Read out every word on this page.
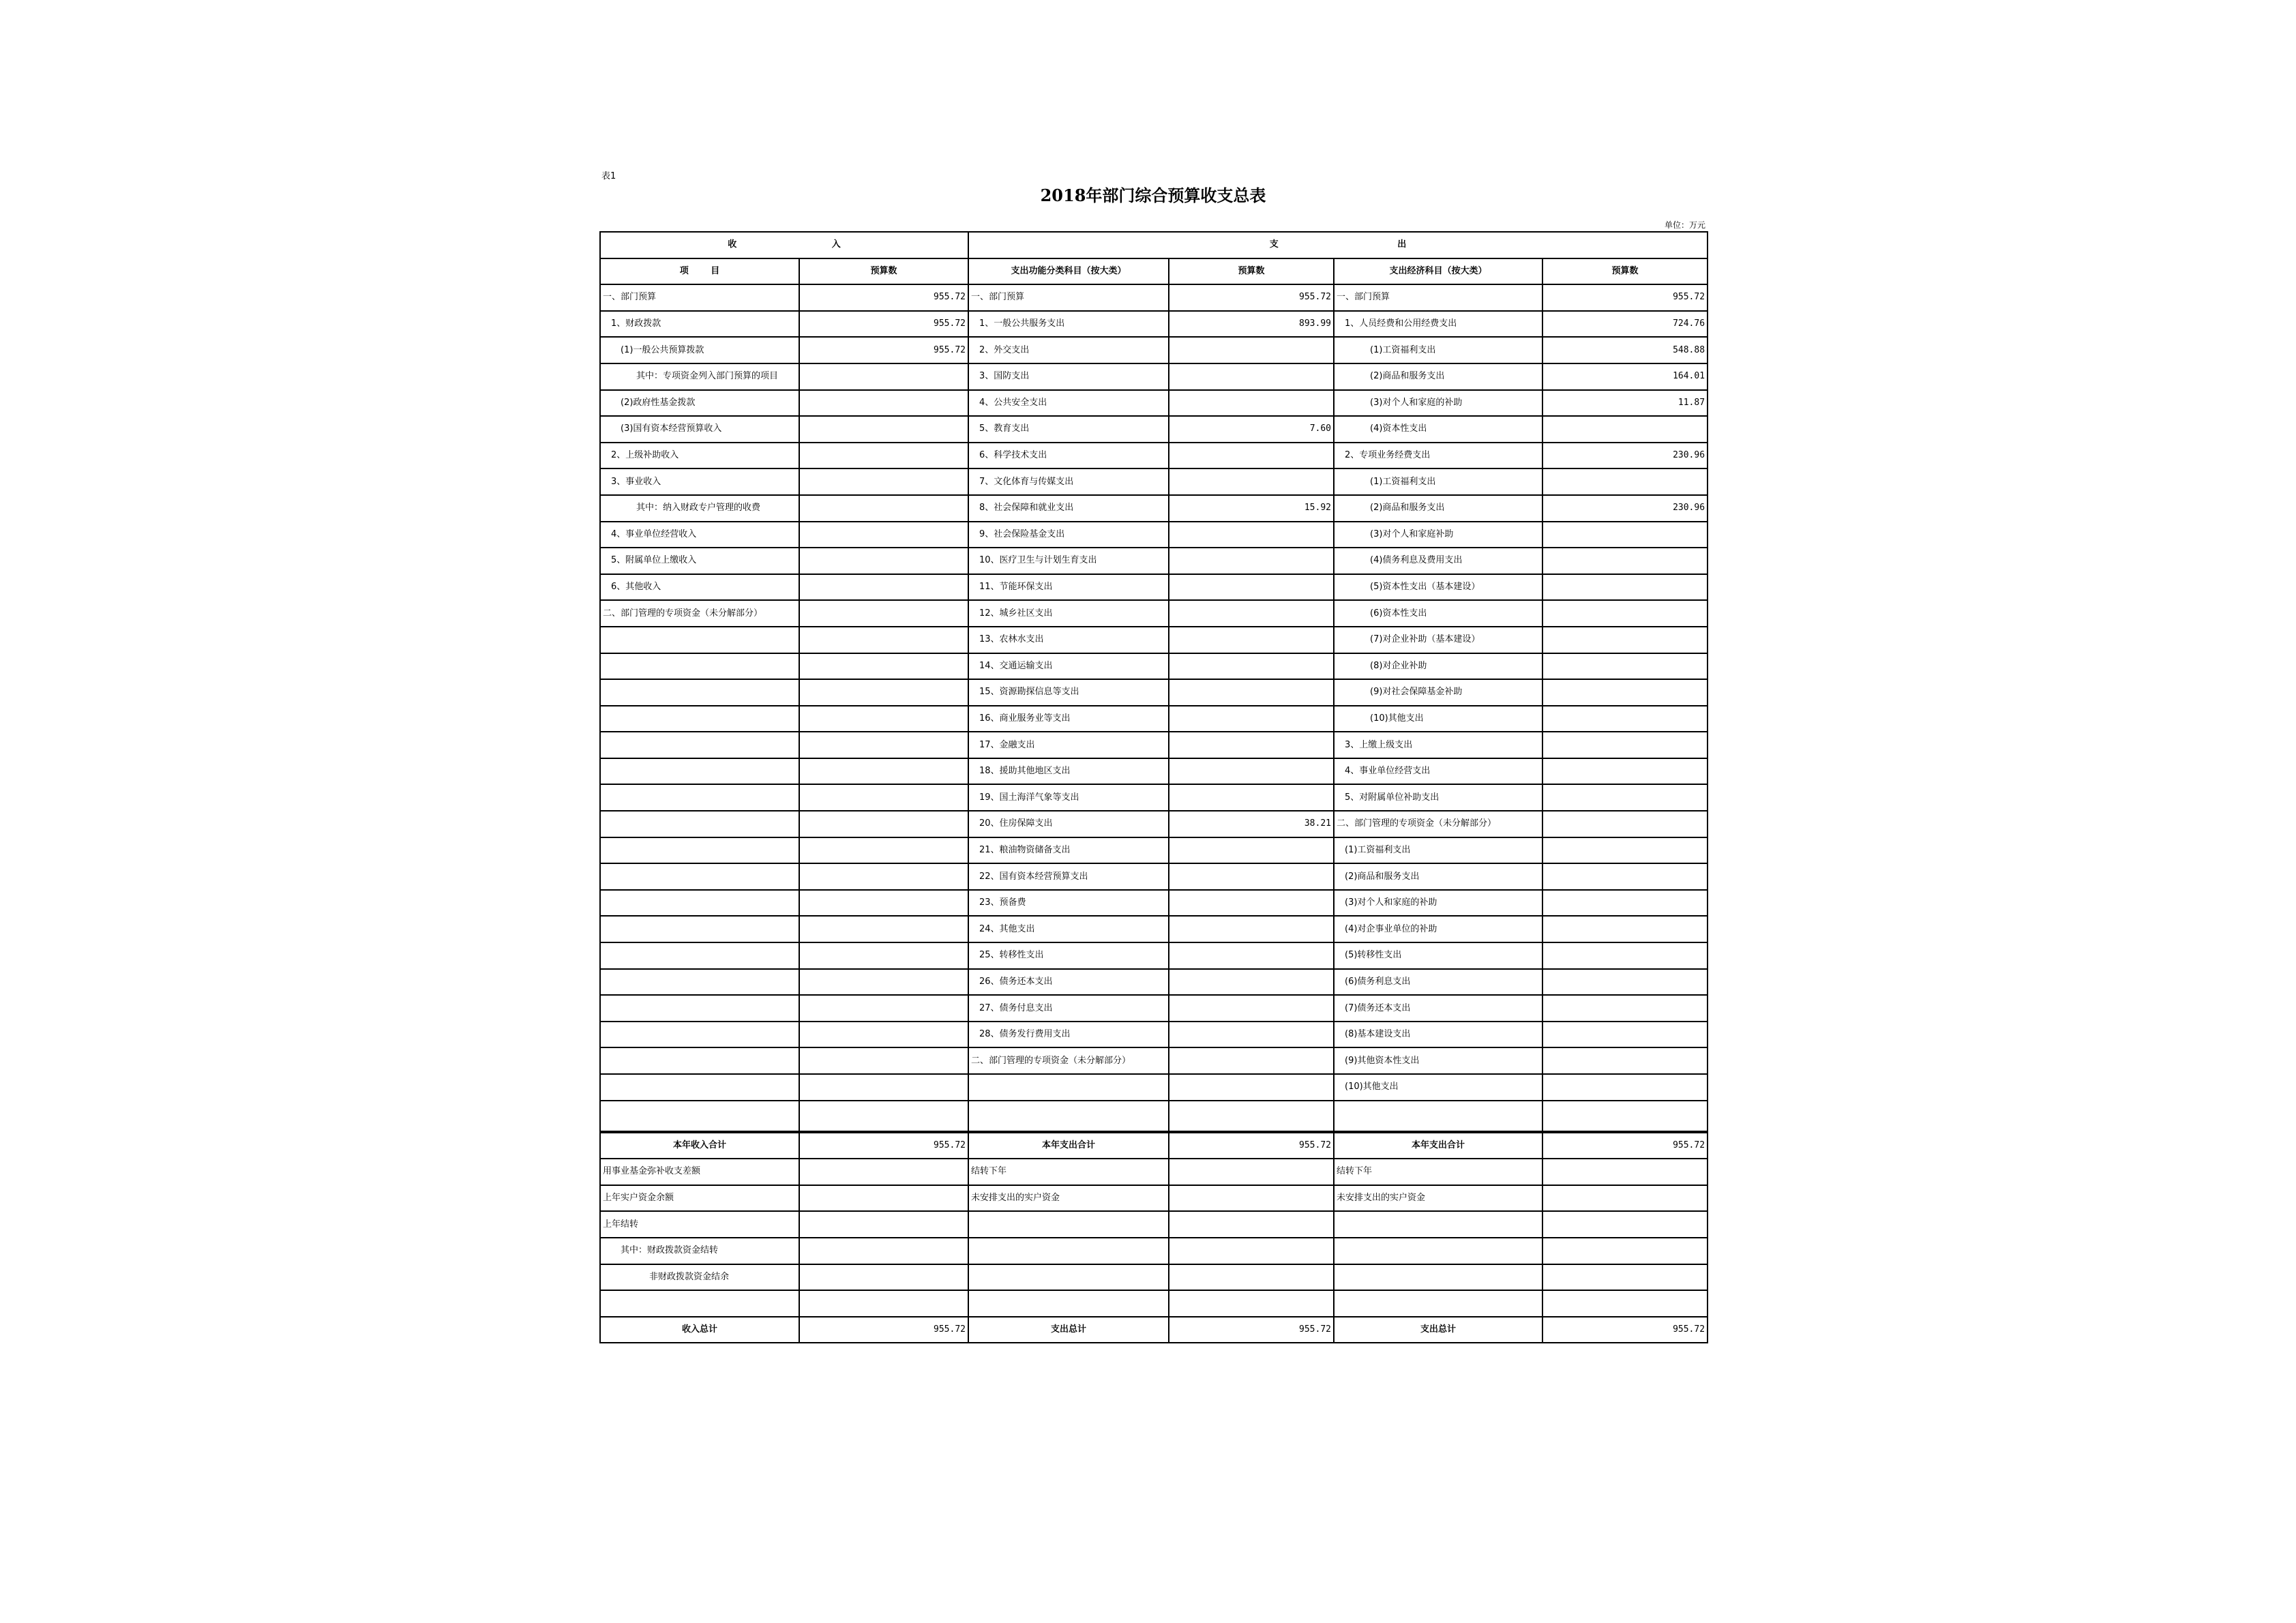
表1
2018年部门综合预算收支总表
单位：万元
收 入		支 出			
项 目	预算数	支出功能分类科目（按大类）	预算数	支出经济科目（按大类）	预算数
一、部门预算	955.72	一、部门预算	955.72	一、部门预算	955.72
1、财政拨款	955.72	1、一般公共服务支出	893.99	1、人员经费和公用经费支出	724.76
(1)一般公共预算拨款	955.72	2、外交支出		(1)工资福利支出	548.88
其中：专项资金列入部门预算的项目		3、国防支出		(2)商品和服务支出	164.01
(2)政府性基金拨款		4、公共安全支出		(3)对个人和家庭的补助	11.87
(3)国有资本经营预算收入		5、教育支出	7.60	(4)资本性支出	
2、上级补助收入		6、科学技术支出		2、专项业务经费支出	230.96
3、事业收入		7、文化体育与传媒支出		(1)工资福利支出	
其中：纳入财政专户管理的收费		8、社会保障和就业支出	15.92	(2)商品和服务支出	230.96
4、事业单位经营收入		9、社会保险基金支出		(3)对个人和家庭补助	
5、附属单位上缴收入		10、医疗卫生与计划生育支出		(4)债务利息及费用支出	
6、其他收入		11、节能环保支出		(5)资本性支出（基本建设）	
二、部门管理的专项资金（未分解部分）		12、城乡社区支出		(6)资本性支出	
		13、农林水支出		(7)对企业补助（基本建设）	
		14、交通运输支出		(8)对企业补助	
		15、资源勘探信息等支出		(9)对社会保障基金补助	
		16、商业服务业等支出		(10)其他支出	
		17、金融支出		3、上缴上级支出	
		18、援助其他地区支出		4、事业单位经营支出	
		19、国土海洋气象等支出		5、对附属单位补助支出	
		20、住房保障支出	38.21	二、部门管理的专项资金（未分解部分）	
		21、粮油物资储备支出		(1)工资福利支出	
		22、国有资本经营预算支出		(2)商品和服务支出	
		23、预备费		(3)对个人和家庭的补助	
		24、其他支出		(4)对企事业单位的补助	
		25、转移性支出		(5)转移性支出	
		26、债务还本支出		(6)债务利息支出	
		27、债务付息支出		(7)债务还本支出	
		28、债务发行费用支出		(8)基本建设支出	
		二、部门管理的专项资金（未分解部分）		(9)其他资本性支出	
				(10)其他支出	

本年收入合计	955.72	本年支出合计	955.72	本年支出合计	955.72
用事业基金弥补收支差额		结转下年		结转下年	
上年实户资金余额		未安排支出的实户资金		未安排支出的实户资金	
上年结转					
其中：财政拨款资金结转					
非财政拨款资金结余					

收入总计	955.72	支出总计	955.72	支出总计	955.72
